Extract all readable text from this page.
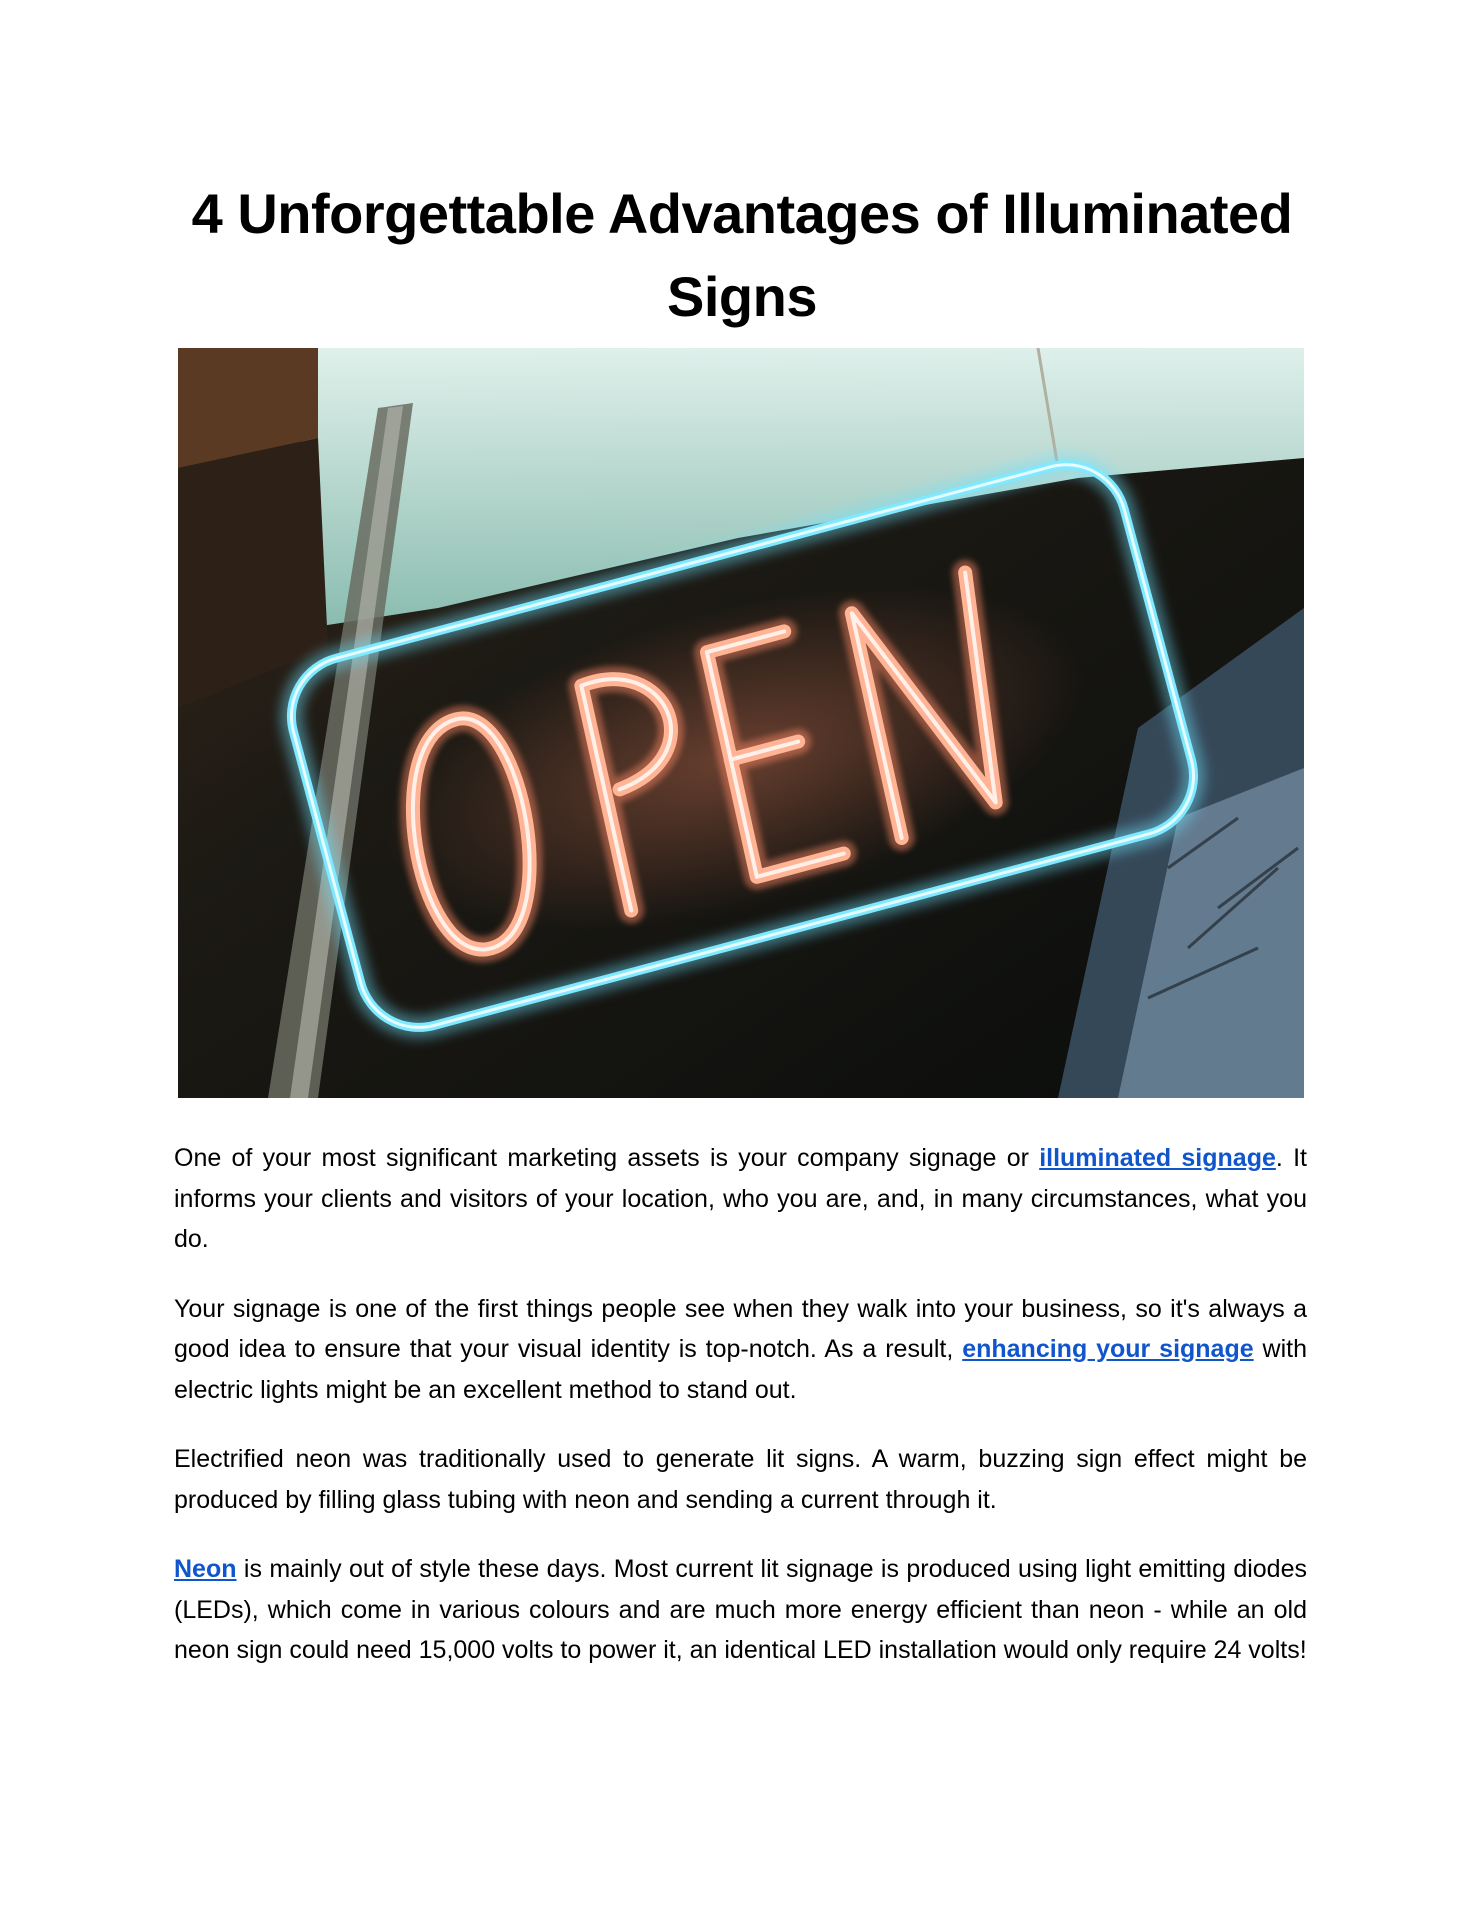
4 Unforgettable Advantages of Illuminated Signs

One of your most significant marketing assets is your company signage or illuminated signage. It informs your clients and visitors of your location, who you are, and, in many circumstances, what you do.

Your signage is one of the first things people see when they walk into your business, so it's always a good idea to ensure that your visual identity is top-notch. As a result, enhancing your signage with electric lights might be an excellent method to stand out.

Electrified neon was traditionally used to generate lit signs. A warm, buzzing sign effect might be produced by filling glass tubing with neon and sending a current through it.

Neon is mainly out of style these days. Most current lit signage is produced using light emitting diodes (LEDs), which come in various colours and are much more energy efficient than neon - while an old neon sign could need 15,000 volts to power it, an identical LED installation would only require 24 volts!
